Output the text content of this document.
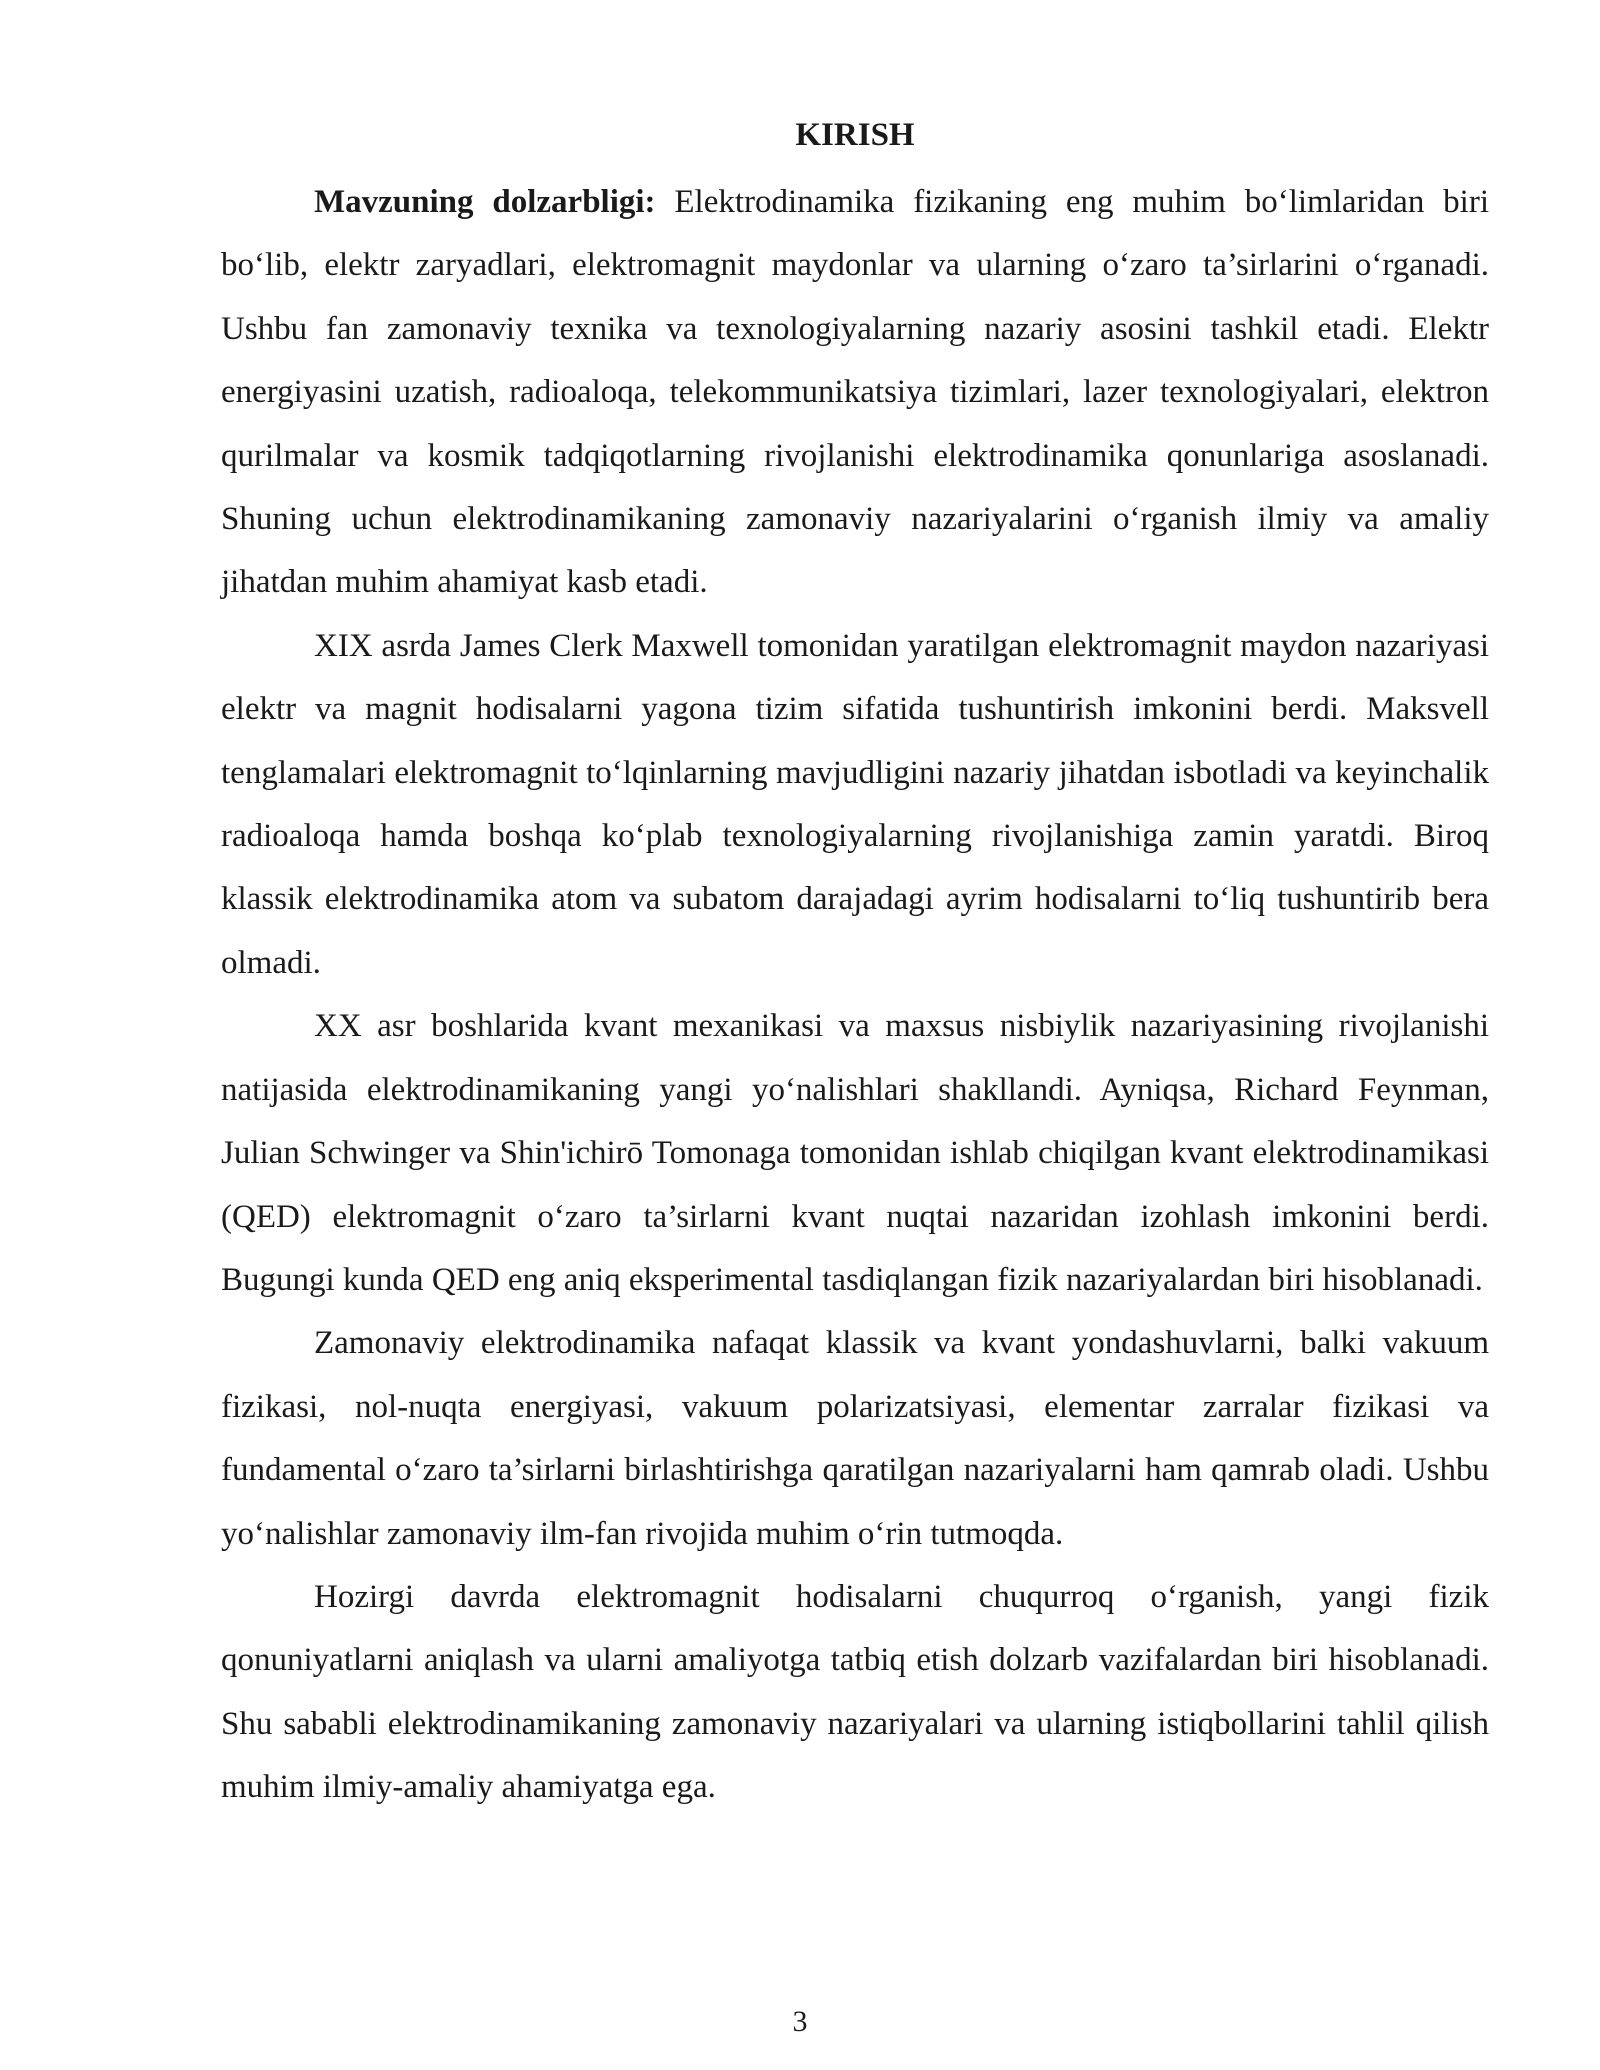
KIRISH

Mavzuning dolzarbligi: Elektrodinamika fizikaning eng muhim bo‘limlaridan biri bo‘lib, elektr zaryadlari, elektromagnit maydonlar va ularning o‘zaro ta’sirlarini o‘rganadi. Ushbu fan zamonaviy texnika va texnologiyalarning nazariy asosini tashkil etadi. Elektr energiyasini uzatish, radioaloqa, telekommunikatsiya tizimlari, lazer texnologiyalari, elektron qurilmalar va kosmik tadqiqotlarning rivojlanishi elektrodinamika qonunlariga asoslanadi. Shuning uchun elektrodinamikaning zamonaviy nazariyalarini o‘rganish ilmiy va amaliy jihatdan muhim ahamiyat kasb etadi.

XIX asrda James Clerk Maxwell tomonidan yaratilgan elektromagnit maydon nazariyasi elektr va magnit hodisalarni yagona tizim sifatida tushuntirish imkonini berdi. Maksvell tenglamalari elektromagnit to‘lqinlarning mavjudligini nazariy jihatdan isbotladi va keyinchalik radioaloqa hamda boshqa ko‘plab texnologiyalarning rivojlanishiga zamin yaratdi. Biroq klassik elektrodinamika atom va subatom darajadagi ayrim hodisalarni to‘liq tushuntirib bera olmadi.

XX asr boshlarida kvant mexanikasi va maxsus nisbiylik nazariyasining rivojlanishi natijasida elektrodinamikaning yangi yo‘nalishlari shakllandi. Ayniqsa, Richard Feynman, Julian Schwinger va Shin'ichirō Tomonaga tomonidan ishlab chiqilgan kvant elektrodinamikasi (QED) elektromagnit o‘zaro ta’sirlarni kvant nuqtai nazaridan izohlash imkonini berdi. Bugungi kunda QED eng aniq eksperimental tasdiqlangan fizik nazariyalardan biri hisoblanadi.

Zamonaviy elektrodinamika nafaqat klassik va kvant yondashuvlarni, balki vakuum fizikasi, nol-nuqta energiyasi, vakuum polarizatsiyasi, elementar zarralar fizikasi va fundamental o‘zaro ta’sirlarni birlashtirishga qaratilgan nazariyalarni ham qamrab oladi. Ushbu yo‘nalishlar zamonaviy ilm-fan rivojida muhim o‘rin tutmoqda.

Hozirgi davrda elektromagnit hodisalarni chuqurroq o‘rganish, yangi fizik qonuniyatlarni aniqlash va ularni amaliyotga tatbiq etish dolzarb vazifalardan biri hisoblanadi. Shu sababli elektrodinamikaning zamonaviy nazariyalari va ularning istiqbollarini tahlil qilish muhim ilmiy-amaliy ahamiyatga ega.

3
